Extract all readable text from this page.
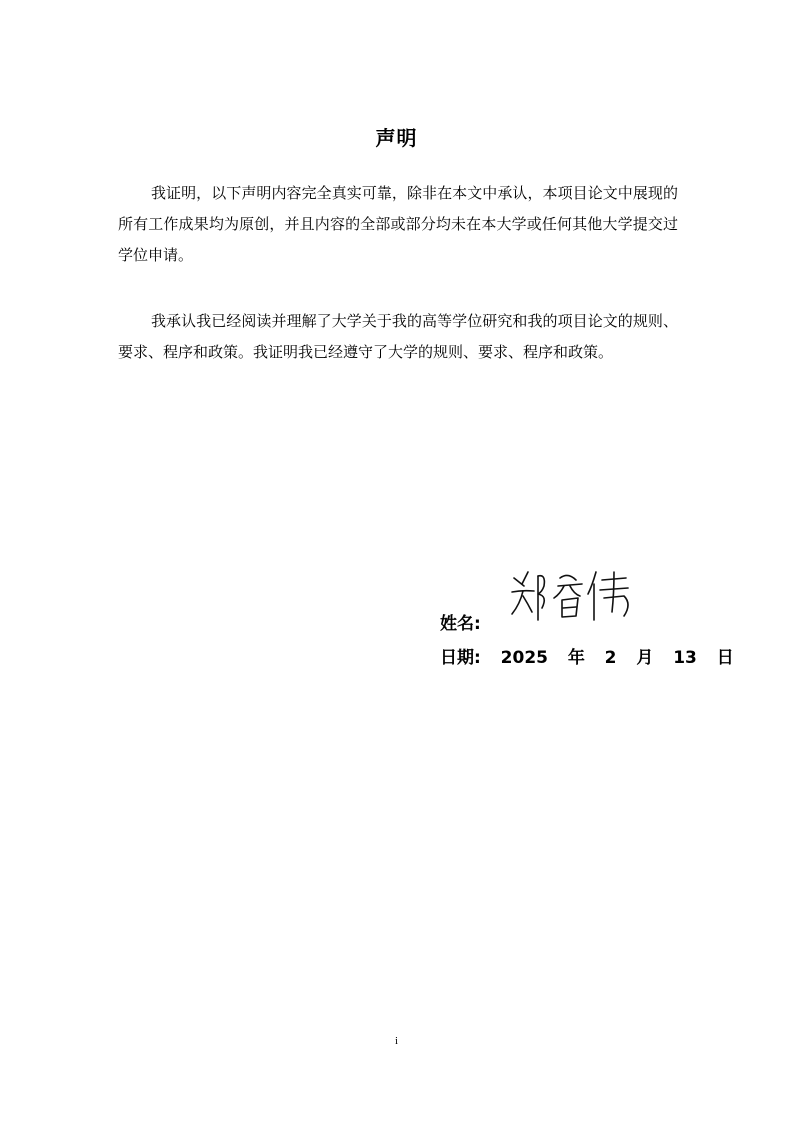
声明

我证明，以下声明内容完全真实可靠，除非在本文中承认，本项目论文中展现的所有工作成果均为原创，并且内容的全部或部分均未在本大学或任何其他大学提交过学位申请。

我承认我已经阅读并理解了大学关于我的高等学位研究和我的项目论文的规则、要求、程序和政策。我证明我已经遵守了大学的规则、要求、程序和政策。

姓名:
日期: 2025 年 2 月 13 日
i
